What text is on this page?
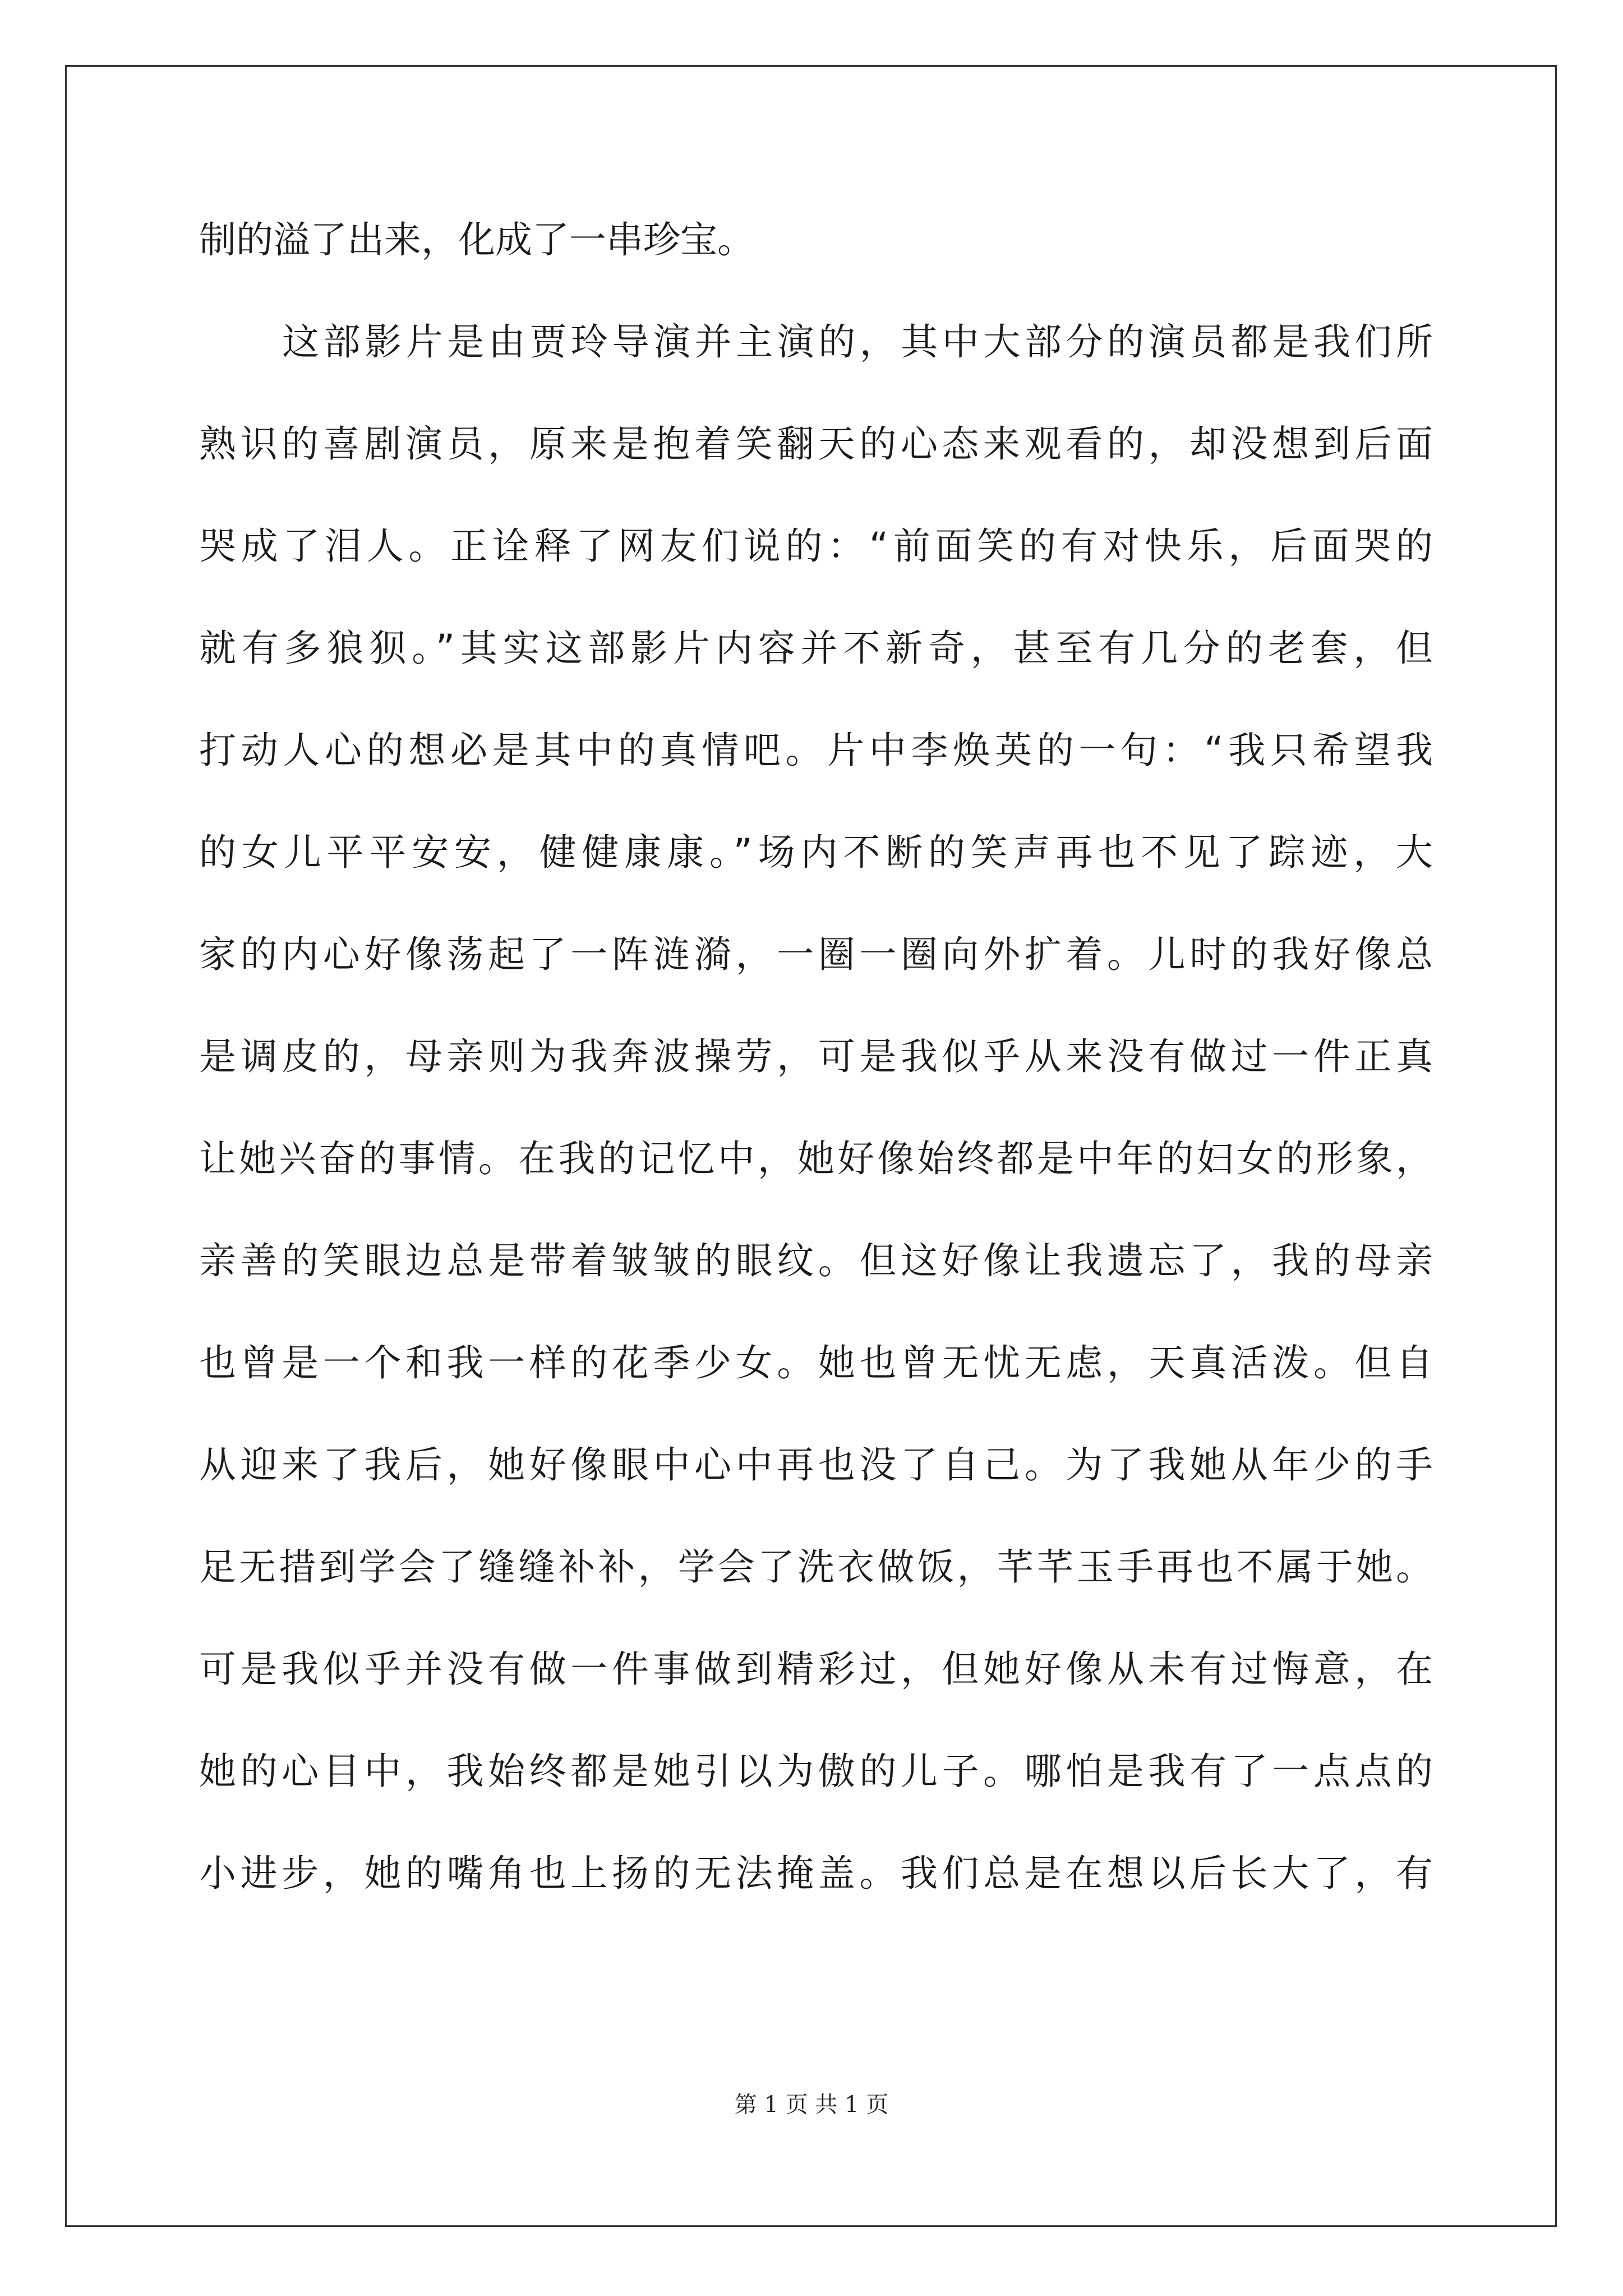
制的溢了出来，化成了一串珍宝。
这部影片是由贾玲导演并主演的，其中大部分的演员都是我们所
熟识的喜剧演员，原来是抱着笑翻天的心态来观看的，却没想到后面
哭成了泪人。正诠释了网友们说的：“前面笑的有对快乐，后面哭的
就有多狼狈。”其实这部影片内容并不新奇，甚至有几分的老套，但
打动人心的想必是其中的真情吧。片中李焕英的一句：“我只希望我
的女儿平平安安，健健康康。”场内不断的笑声再也不见了踪迹，大
家的内心好像荡起了一阵涟漪，一圈一圈向外扩着。儿时的我好像总
是调皮的，母亲则为我奔波操劳，可是我似乎从来没有做过一件正真
让她兴奋的事情。在我的记忆中，她好像始终都是中年的妇女的形象，
亲善的笑眼边总是带着皱皱的眼纹。但这好像让我遗忘了，我的母亲
也曾是一个和我一样的花季少女。她也曾无忧无虑，天真活泼。但自
从迎来了我后，她好像眼中心中再也没了自己。为了我她从年少的手
足无措到学会了缝缝补补，学会了洗衣做饭，芊芊玉手再也不属于她。
可是我似乎并没有做一件事做到精彩过，但她好像从未有过悔意，在
她的心目中，我始终都是她引以为傲的儿子。哪怕是我有了一点点的
小进步，她的嘴角也上扬的无法掩盖。我们总是在想以后长大了，有
第 1 页 共 1 页
